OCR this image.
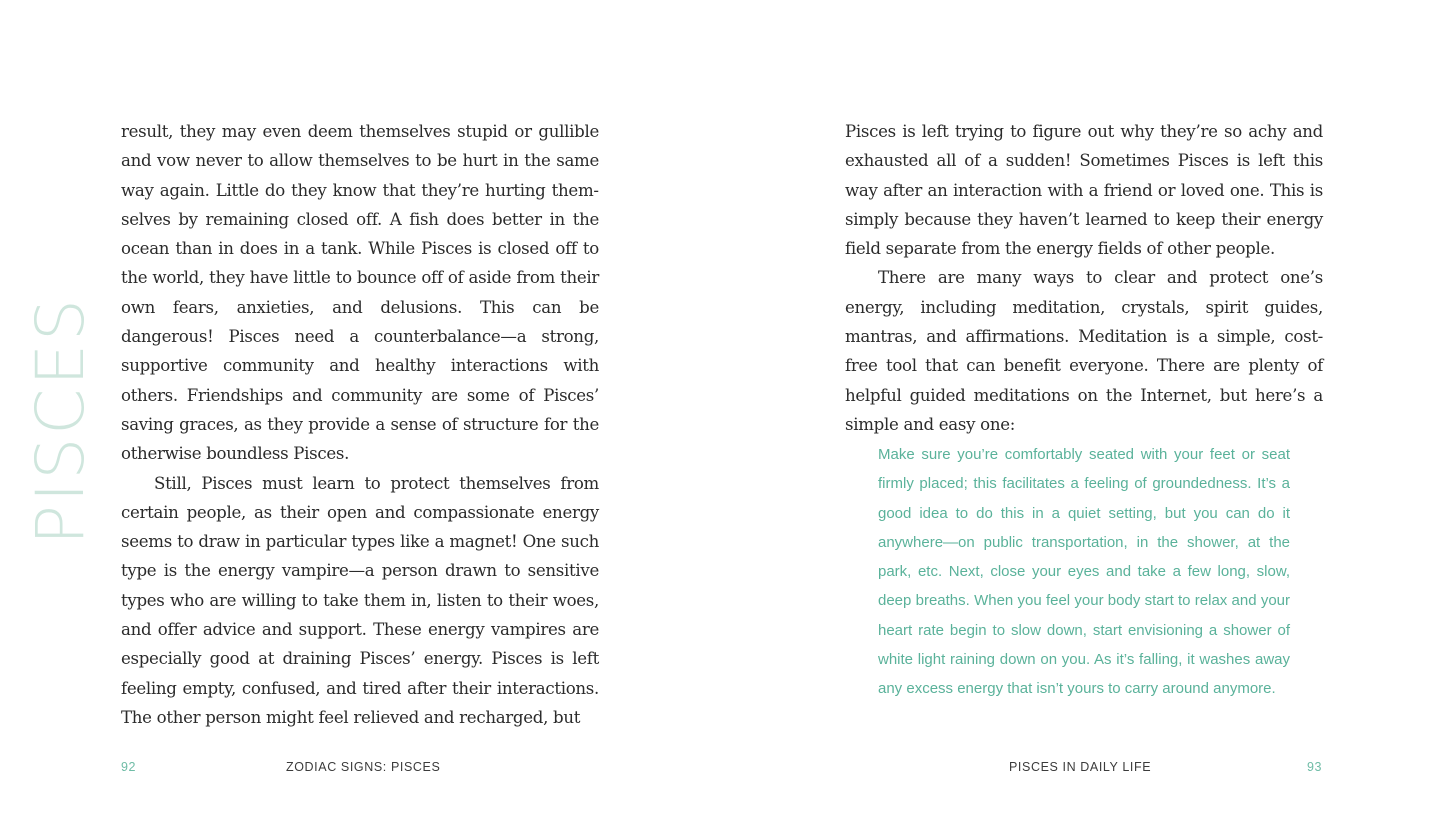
PISCES

result, they may even deem themselves stupid or gullible and vow never to allow themselves to be hurt in the same way again. Little do they know that they’re hurting themselves by remaining closed off. A fish does better in the ocean than in does in a tank. While Pisces is closed off to the world, they have little to bounce off of aside from their own fears, anxieties, and delusions. This can be dangerous! Pisces need a counterbalance—a strong, supportive community and healthy interactions with others. Friendships and community are some of Pisces’ saving graces, as they provide a sense of structure for the otherwise boundless Pisces.

Still, Pisces must learn to protect themselves from certain people, as their open and compassionate energy seems to draw in particular types like a magnet! One such type is the energy vampire—a person drawn to sensitive types who are willing to take them in, listen to their woes, and offer advice and support. These energy vampires are especially good at draining Pisces’ energy. Pisces is left feeling empty, confused, and tired after their interactions. The other person might feel relieved and recharged, but

92	ZODIAC SIGNS: PISCES

Pisces is left trying to figure out why they’re so achy and exhausted all of a sudden! Sometimes Pisces is left this way after an interaction with a friend or loved one. This is simply because they haven’t learned to keep their energy field separate from the energy fields of other people.

There are many ways to clear and protect one’s energy, including meditation, crystals, spirit guides, mantras, and affirmations. Meditation is a simple, cost-free tool that can benefit everyone. There are plenty of helpful guided meditations on the Internet, but here’s a simple and easy one:

Make sure you’re comfortably seated with your feet or seat firmly placed; this facilitates a feeling of groundedness. It’s a good idea to do this in a quiet setting, but you can do it anywhere—on public transportation, in the shower, at the park, etc. Next, close your eyes and take a few long, slow, deep breaths. When you feel your body start to relax and your heart rate begin to slow down, start envisioning a shower of white light raining down on you. As it’s falling, it washes away any excess energy that isn’t yours to carry around anymore.

PISCES IN DAILY LIFE	93
